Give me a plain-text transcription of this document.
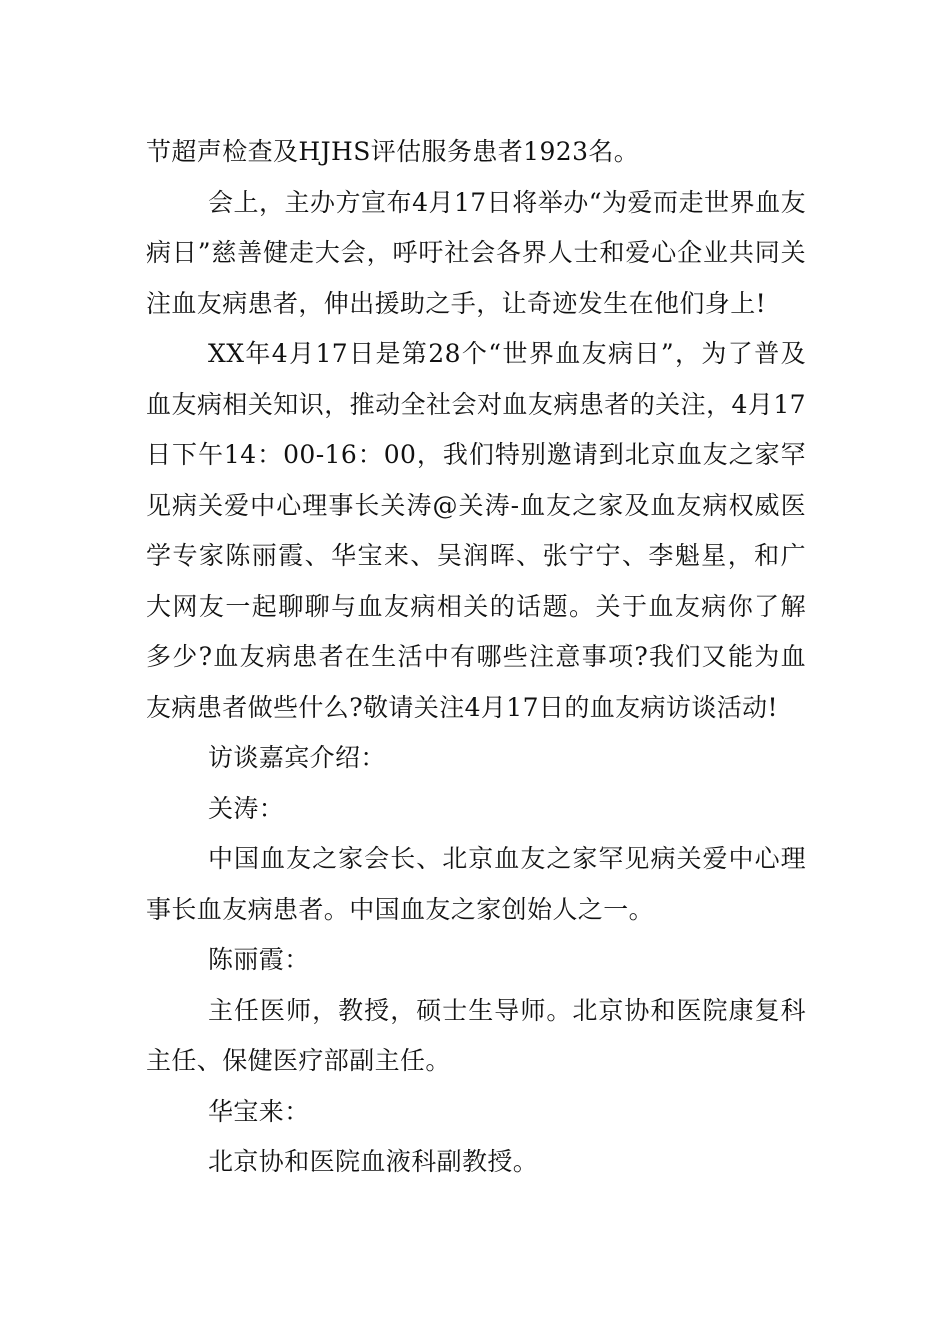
节超声检查及HJHS评估服务患者1923名。

会上，主办方宣布4月17日将举办“为爱而走世界血友病日”慈善健走大会，呼吁社会各界人士和爱心企业共同关注血友病患者，伸出援助之手，让奇迹发生在他们身上!

XX年4月17日是第28个“世界血友病日”，为了普及血友病相关知识，推动全社会对血友病患者的关注，4月17日下午14：00-16：00，我们特别邀请到北京血友之家罕见病关爱中心理事长关涛@关涛-血友之家及血友病权威医学专家陈丽霞、华宝来、吴润晖、张宁宁、李魁星，和广大网友一起聊聊与血友病相关的话题。关于血友病你了解多少?血友病患者在生活中有哪些注意事项?我们又能为血友病患者做些什么?敬请关注4月17日的血友病访谈活动!

访谈嘉宾介绍：

关涛：

中国血友之家会长、北京血友之家罕见病关爱中心理事长血友病患者。中国血友之家创始人之一。

陈丽霞：

主任医师，教授，硕士生导师。北京协和医院康复科主任、保健医疗部副主任。

华宝来：

北京协和医院血液科副教授。
